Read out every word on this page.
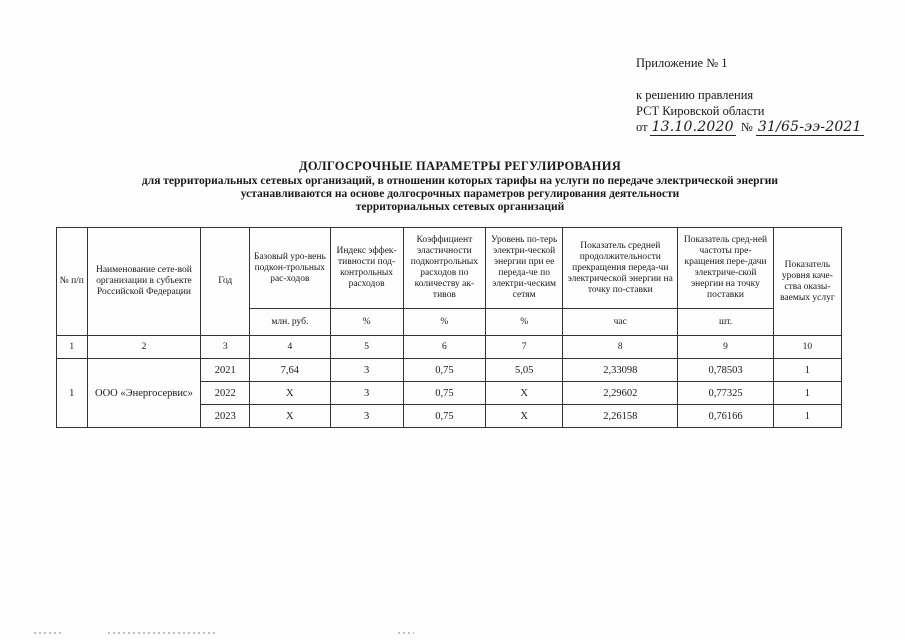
Приложение № 1
к решению правления
РСТ Кировской области
от 13.10.2020 № 31/65-ээ-2021
ДОЛГОСРОЧНЫЕ ПАРАМЕТРЫ РЕГУЛИРОВАНИЯ
для территориальных сетевых организаций, в отношении которых тарифы на услуги по передаче электрической энергии
устанавливаются на основе долгосрочных параметров регулирования деятельности
территориальных сетевых организаций
№ п/п	Наименование сете-вой организации в субъекте Российской Федерации	Год	Базовый уро-вень подкон-трольных рас-ходов	Индекс эффек-тивности под-контрольных расходов	Коэффициент эластичности подконтрольных расходов по количеству ак-тивов	Уровень по-терь электри-ческой энергии при ее переда-че по электри-ческим сетям	Показатель средней продолжительности прекращения переда-чи электрической энергии на точку по-ставки	Показатель сред-ней частоты пре-кращения пере-дачи электриче-ской энергии на точку поставки	Показатель уровня каче-ства оказы-ваемых услуг
			млн. руб.	%	%	%	час	шт.	
1	2	3	4	5	6	7	8	9	10
1	ООО «Энергосервис»	2021	7,64	3	0,75	5,05	2,33098	0,78503	1
		2022	Х	3	0,75	Х	2,29602	0,77325	1
		2023	Х	3	0,75	Х	2,26158	0,76166	1
